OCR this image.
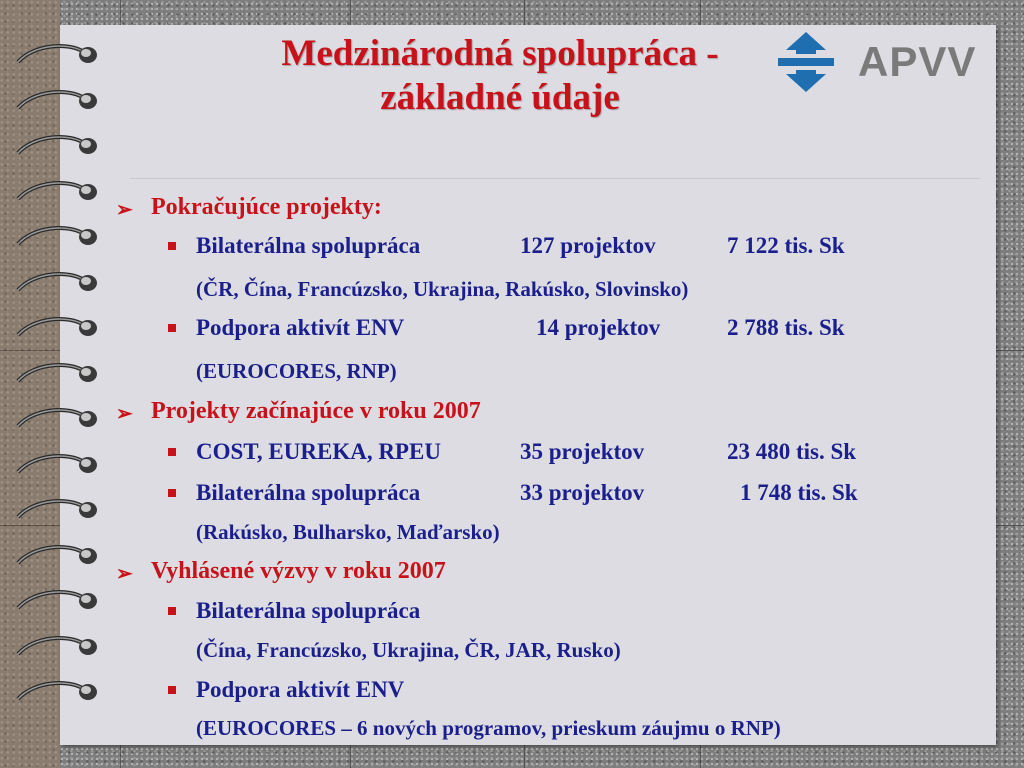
Medzinárodná spolupráca -
základné údaje
APVV
➢ Pokračujúce projekty:
Bilaterálna spolupráca	127 projektov	7 122 tis. Sk
(ČR, Čína, Francúzsko, Ukrajina, Rakúsko, Slovinsko)
Podpora aktivít ENV	14 projektov	2 788 tis. Sk
(EUROCORES, RNP)
➢ Projekty začínajúce v roku 2007
COST, EUREKA, RPEU	35 projektov	23 480 tis. Sk
Bilaterálna spolupráca	33 projektov	1 748 tis. Sk
(Rakúsko, Bulharsko, Maďarsko)
➢ Vyhlásené výzvy v roku 2007
Bilaterálna spolupráca
(Čína, Francúzsko, Ukrajina, ČR, JAR, Rusko)
Podpora aktivít ENV
(EUROCORES – 6 nových programov, prieskum záujmu o RNP)
